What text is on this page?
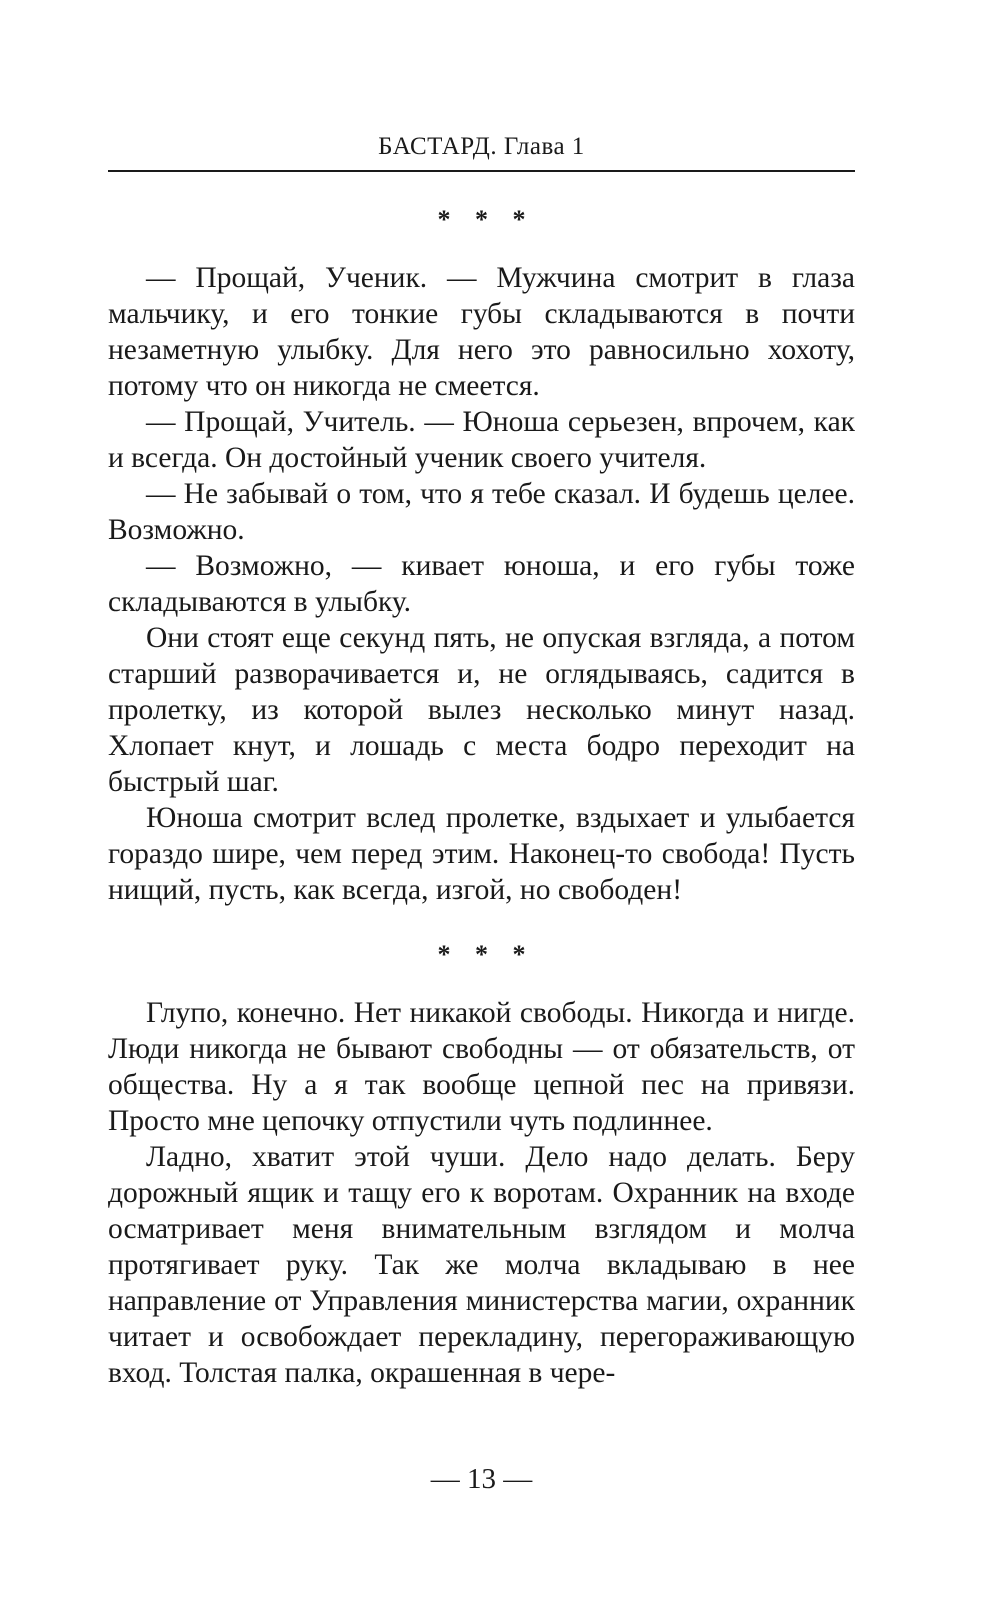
БАСТАРД. Глава 1
* * *

— Прощай, Ученик. — Мужчина смотрит в глаза мальчику, и его тонкие губы складываются в почти незаметную улыбку. Для него это равносильно хохоту, потому что он никогда не смеется.

— Прощай, Учитель. — Юноша серьезен, впрочем, как и всегда. Он достойный ученик своего учителя.

— Не забывай о том, что я тебе сказал. И будешь целее. Возможно.

— Возможно, — кивает юноша, и его губы тоже складываются в улыбку.

Они стоят еще секунд пять, не опуская взгляда, а потом старший разворачивается и, не оглядываясь, садится в пролетку, из которой вылез несколько минут назад. Хлопает кнут, и лошадь с места бодро переходит на быстрый шаг.

Юноша смотрит вслед пролетке, вздыхает и улыбается гораздо шире, чем перед этим. Наконец-то свобода! Пусть нищий, пусть, как всегда, изгой, но свободен!

* * *

Глупо, конечно. Нет никакой свободы. Никогда и нигде. Люди никогда не бывают свободны — от обязательств, от общества. Ну а я так вообще цепной пес на привязи. Просто мне цепочку отпустили чуть подлиннее.

Ладно, хватит этой чуши. Дело надо делать. Беру дорожный ящик и тащу его к воротам. Охранник на входе осматривает меня внимательным взглядом и молча протягивает руку. Так же молча вкладываю в нее направление от Управления министерства магии, охранник читает и освобождает перекладину, перегораживающую вход. Толстая палка, окрашенная в чере-

— 13 —
